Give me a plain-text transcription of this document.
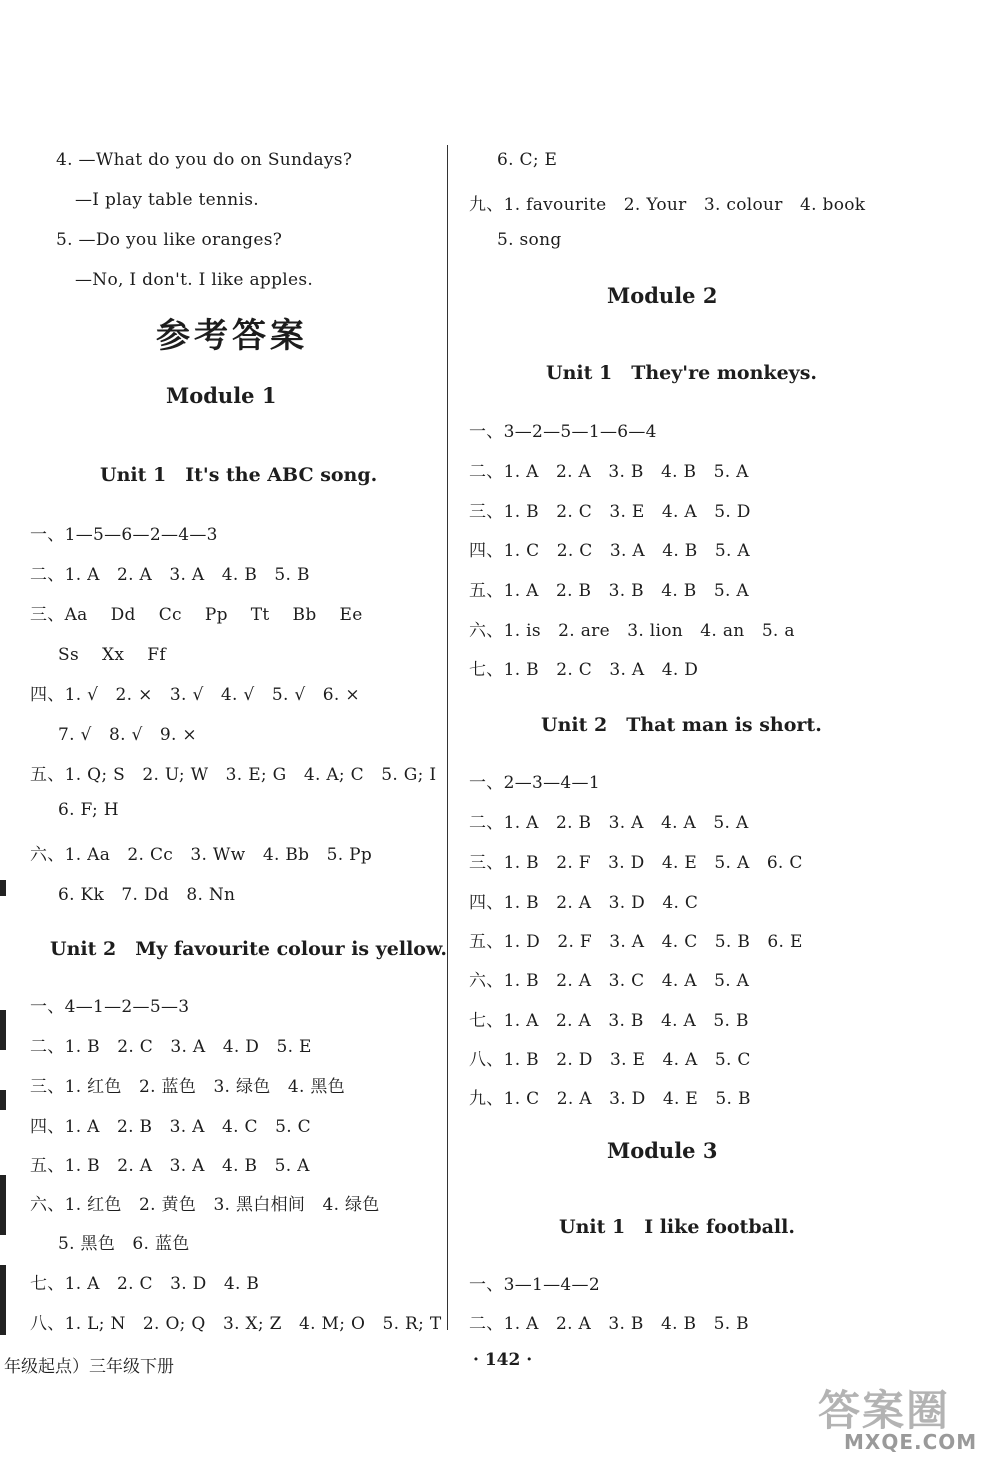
4. —What do you do on Sundays?
—I play table tennis.
5. —Do you like oranges?
—No, I don't. I like apples.
参考答案
Module 1
Unit 1　It's the ABC song.
一、1—5—6—2—4—3
二、1. A　2. A　3. A　4. B　5. B
三、Aa　 Dd　 Cc　 Pp　 Tt　 Bb　 Ee
Ss　 Xx　 Ff
四、1. √　2. ×　3. √　4. √　5. √　6. ×
7. √　8. √　9. ×
五、1. Q; S　2. U; W　3. E; G　4. A; C　5. G; I
6. F; H
六、1. Aa　2. Cc　3. Ww　4. Bb　5. Pp
6. Kk　7. Dd　8. Nn
Unit 2　My favourite colour is yellow.
一、4—1—2—5—3
二、1. B　2. C　3. A　4. D　5. E
三、1. 红色　2. 蓝色　3. 绿色　4. 黑色
四、1. A　2. B　3. A　4. C　5. C
五、1. B　2. A　3. A　4. B　5. A
六、1. 红色　2. 黄色　3. 黑白相间　4. 绿色
5. 黑色　6. 蓝色
七、1. A　2. C　3. D　4. B
八、1. L; N　2. O; Q　3. X; Z　4. M; O　5. R; T
6. C; E
九、1. favourite　2. Your　3. colour　4. book
5. song
Module 2
Unit 1　They're monkeys.
一、3—2—5—1—6—4
二、1. A　2. A　3. B　4. B　5. A
三、1. B　2. C　3. E　4. A　5. D
四、1. C　2. C　3. A　4. B　5. A
五、1. A　2. B　3. B　4. B　5. A
六、1. is　2. are　3. lion　4. an　5. a
七、1. B　2. C　3. A　4. D
Unit 2　That man is short.
一、2—3—4—1
二、1. A　2. B　3. A　4. A　5. A
三、1. B　2. F　3. D　4. E　5. A　6. C
四、1. B　2. A　3. D　4. C
五、1. D　2. F　3. A　4. C　5. B　6. E
六、1. B　2. A　3. C　4. A　5. A
七、1. A　2. A　3. B　4. A　5. B
八、1. B　2. D　3. E　4. A　5. C
九、1. C　2. A　3. D　4. E　5. B
Module 3
Unit 1　I like football.
一、3—1—4—2
二、1. A　2. A　3. B　4. B　5. B
年级起点）三年级下册	· 142 ·
答案圈
MXQE.COM
